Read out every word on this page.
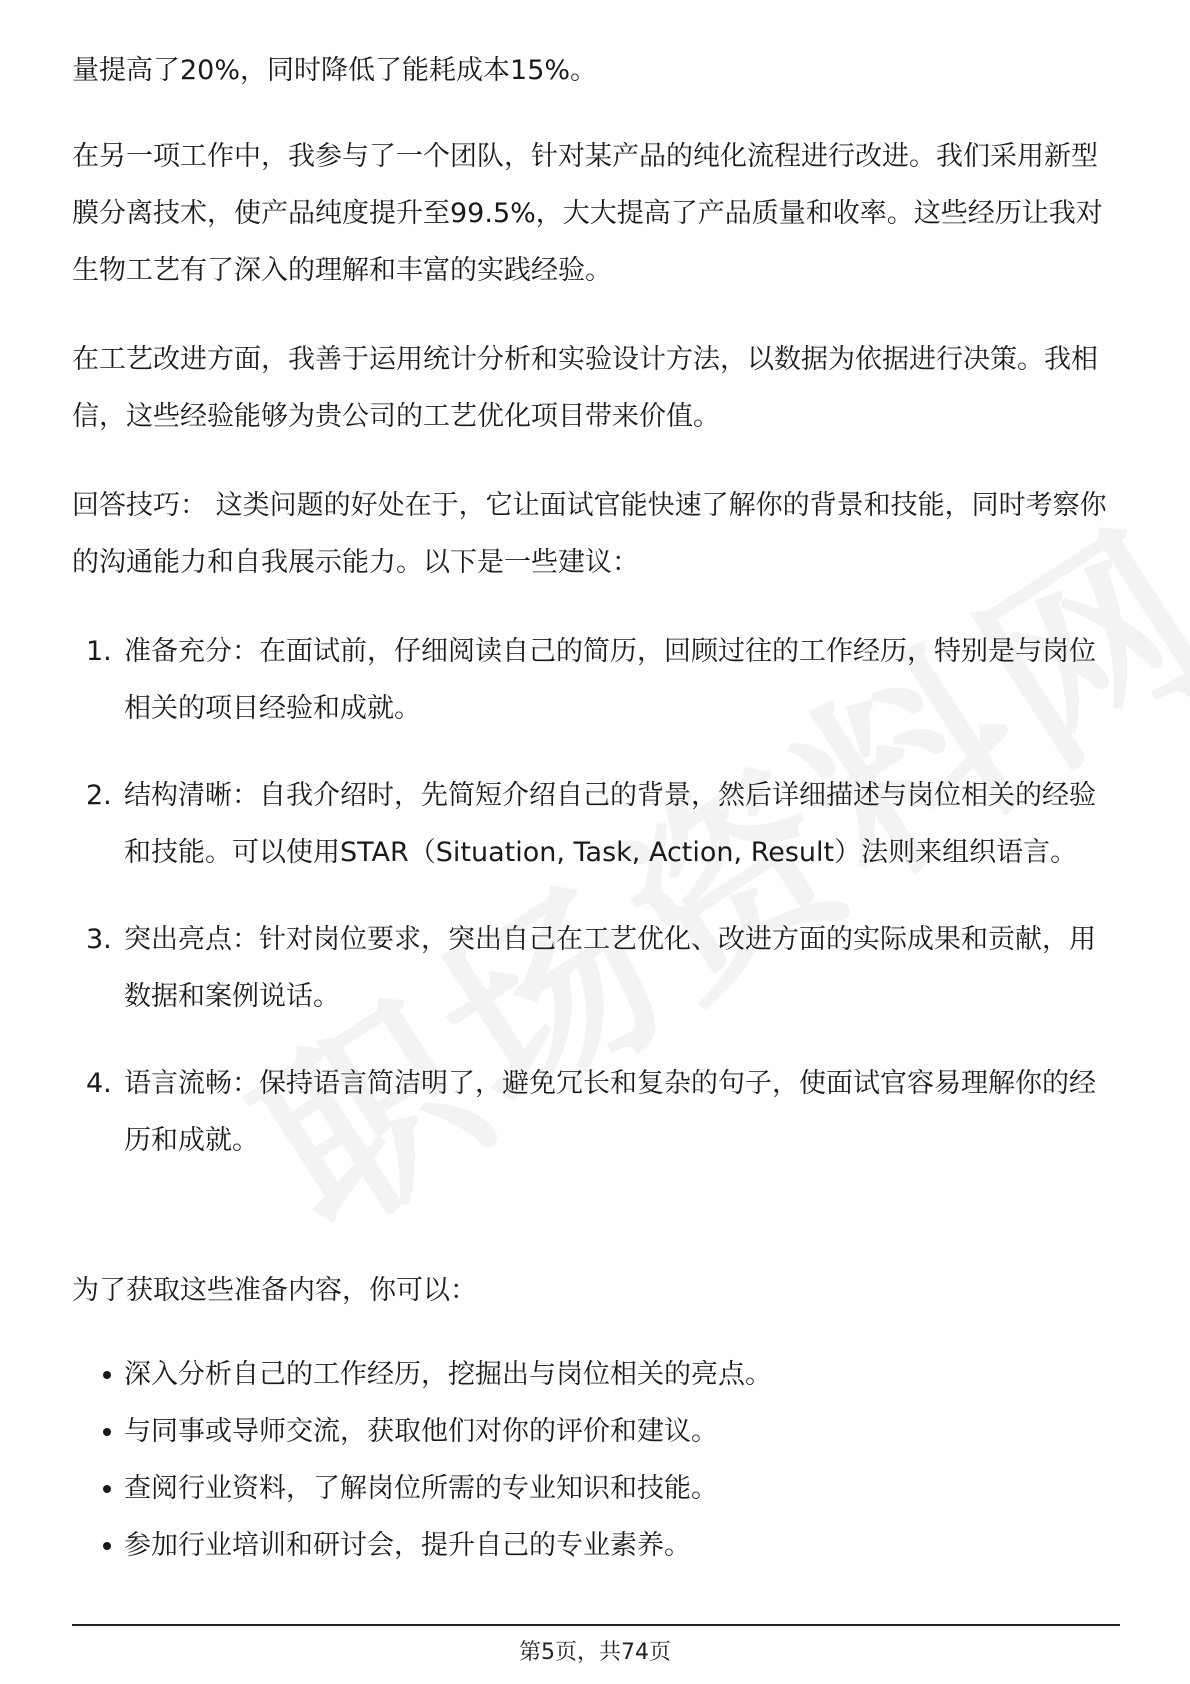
量提高了20%，同时降低了能耗成本15%。

在另一项工作中，我参与了一个团队，针对某产品的纯化流程进行改进。我们采用新型膜分离技术，使产品纯度提升至99.5%，大大提高了产品质量和收率。这些经历让我对生物工艺有了深入的理解和丰富的实践经验。

在工艺改进方面，我善于运用统计分析和实验设计方法，以数据为依据进行决策。我相信，这些经验能够为贵公司的工艺优化项目带来价值。

回答技巧： 这类问题的好处在于，它让面试官能快速了解你的背景和技能，同时考察你的沟通能力和自我展示能力。以下是一些建议：

1. 准备充分：在面试前，仔细阅读自己的简历，回顾过往的工作经历，特别是与岗位相关的项目经验和成就。
2. 结构清晰：自我介绍时，先简短介绍自己的背景，然后详细描述与岗位相关的经验和技能。可以使用STAR（Situation, Task, Action, Result）法则来组织语言。
3. 突出亮点：针对岗位要求，突出自己在工艺优化、改进方面的实际成果和贡献，用数据和案例说话。
4. 语言流畅：保持语言简洁明了，避免冗长和复杂的句子，使面试官容易理解你的经历和成就。

为了获取这些准备内容，你可以：

深入分析自己的工作经历，挖掘出与岗位相关的亮点。
与同事或导师交流，获取他们对你的评价和建议。
查阅行业资料，了解岗位所需的专业知识和技能。
参加行业培训和研讨会，提升自己的专业素养。
第5页，共74页
